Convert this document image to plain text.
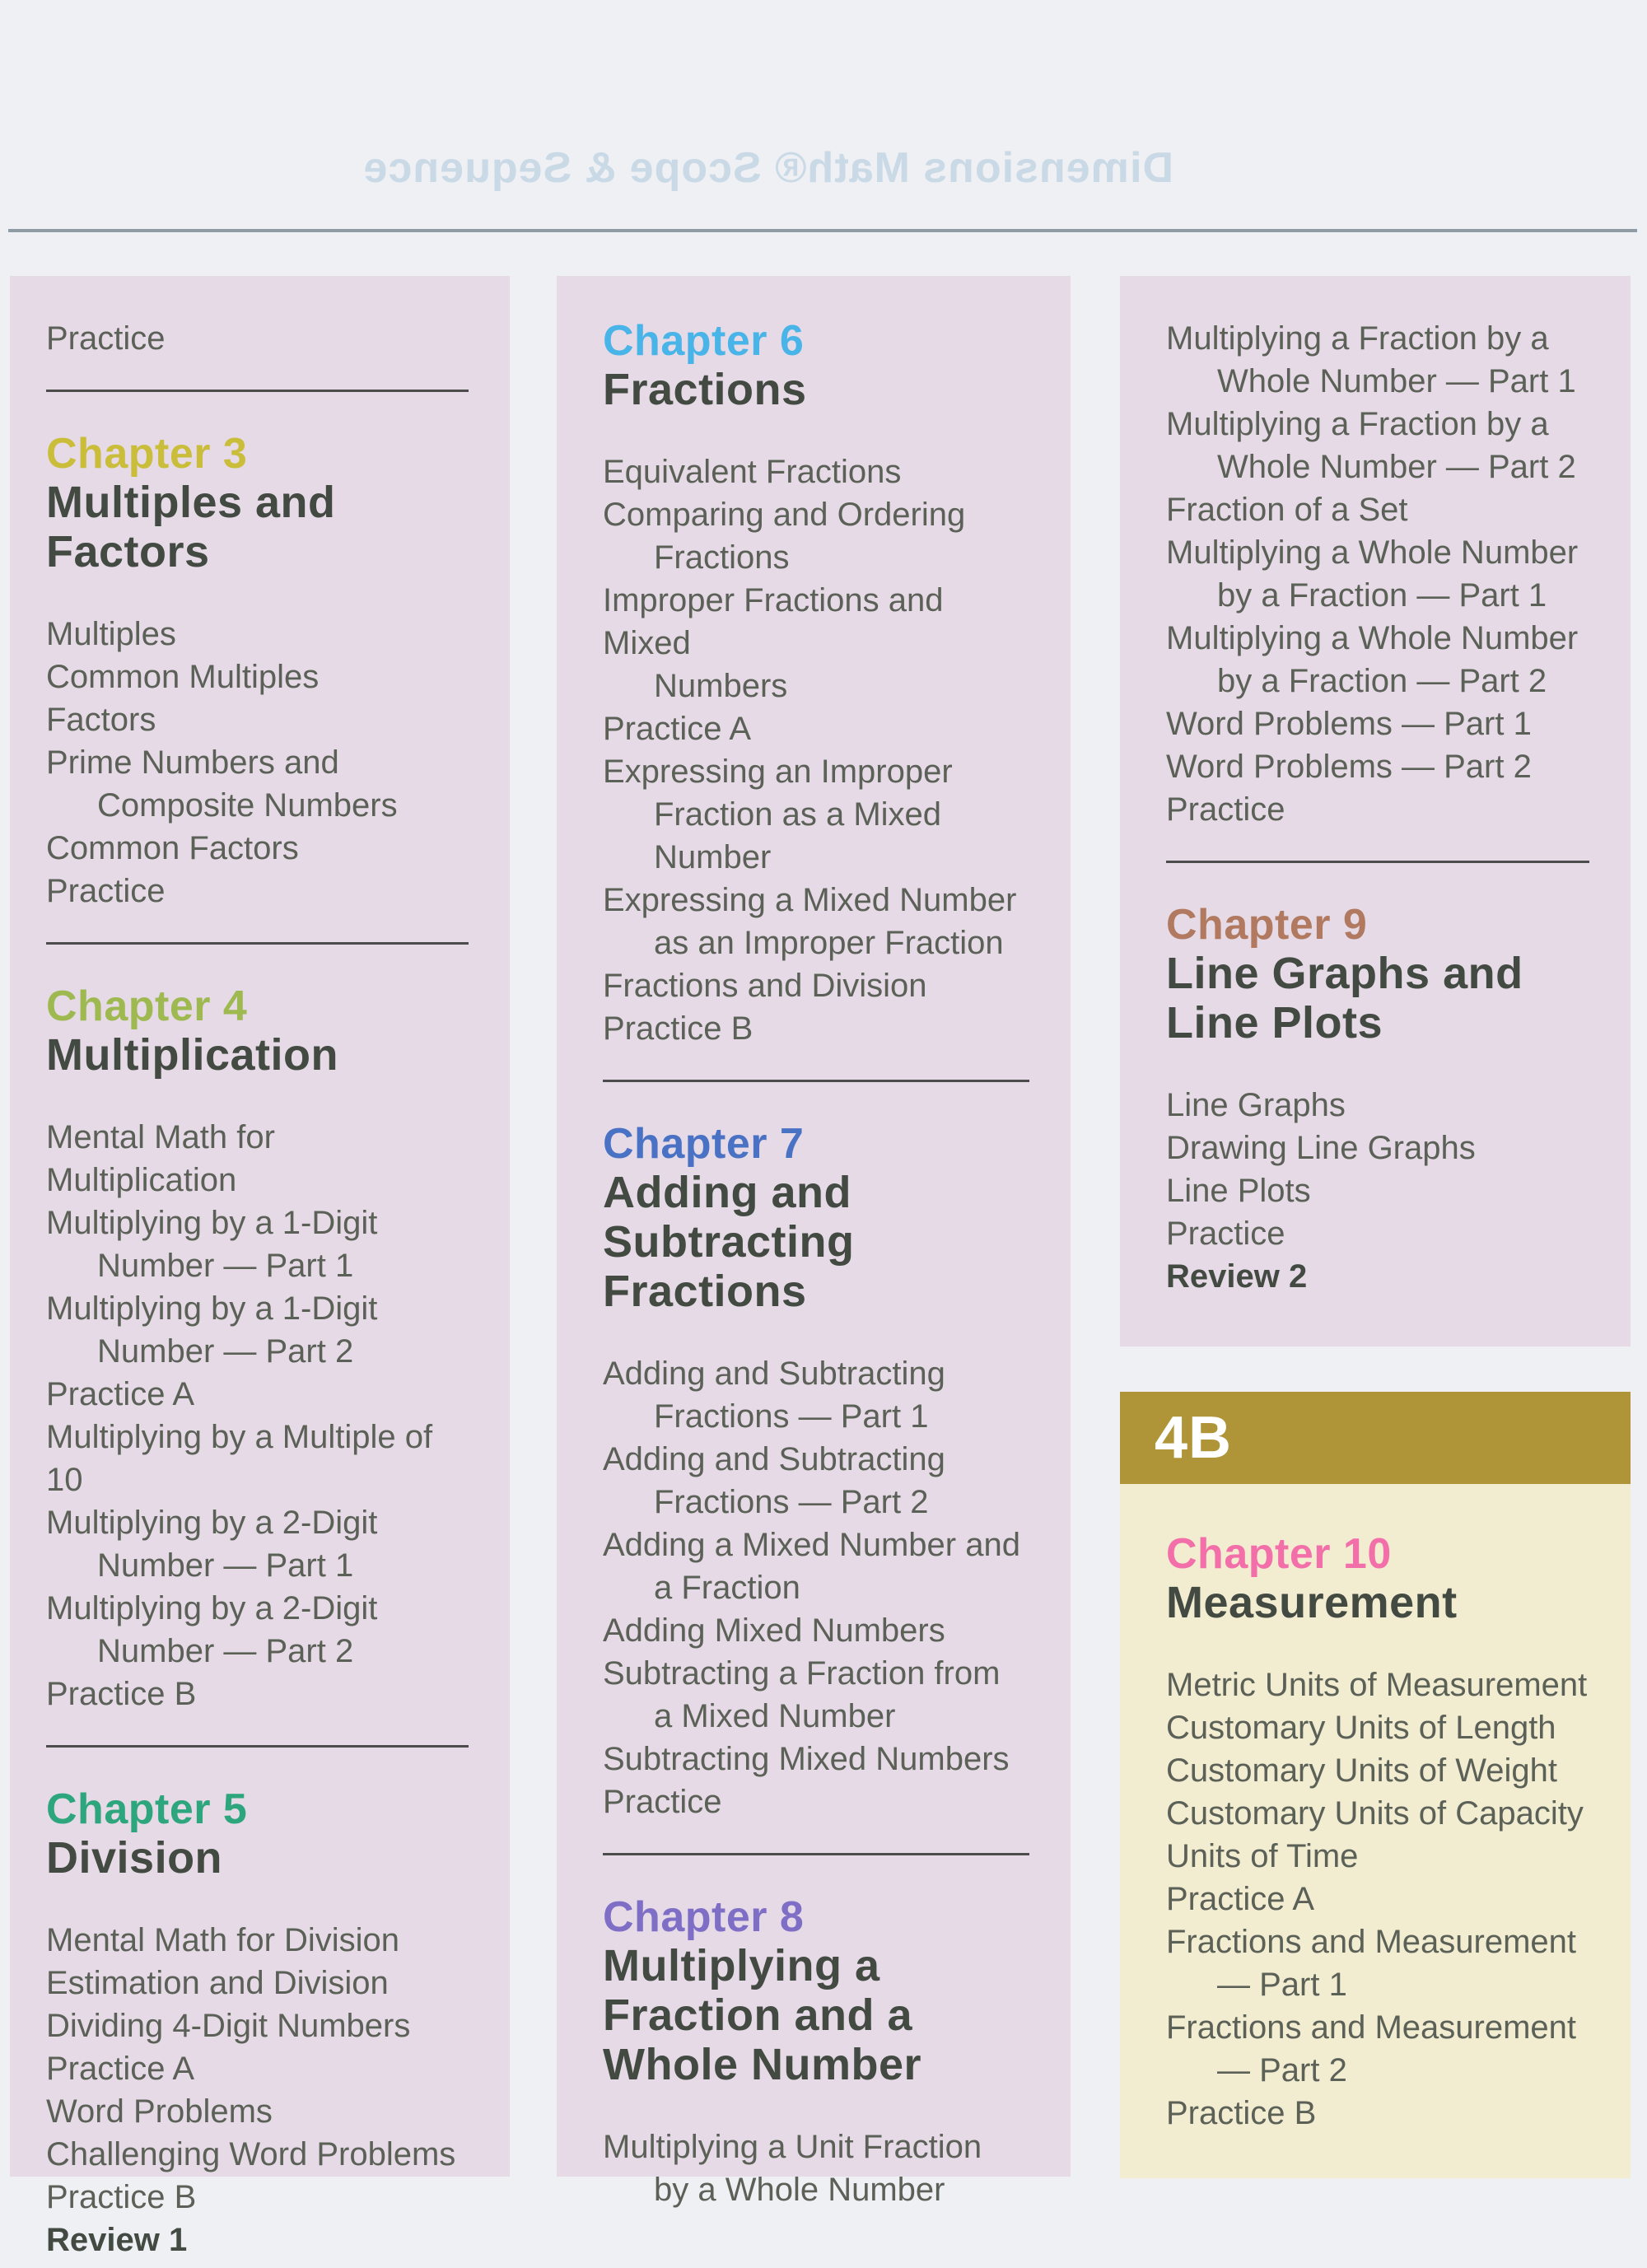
Dimensions Math® Scope & Sequence
Practice
Chapter 3
Multiples and
Factors
Multiples
Common Multiples
Factors
Prime Numbers and
Composite Numbers
Common Factors
Practice
Chapter 4
Multiplication
Mental Math for Multiplication
Multiplying by a 1-Digit
Number — Part 1
Multiplying by a 1-Digit
Number — Part 2
Practice A
Multiplying by a Multiple of 10
Multiplying by a 2-Digit
Number — Part 1
Multiplying by a 2-Digit
Number — Part 2
Practice B
Chapter 5
Division
Mental Math for Division
Estimation and Division
Dividing 4-Digit Numbers
Practice A
Word Problems
Challenging Word Problems
Practice B
Review 1
Chapter 6
Fractions
Equivalent Fractions
Comparing and Ordering
Fractions
Improper Fractions and Mixed
Numbers
Practice A
Expressing an Improper
Fraction as a Mixed
Number
Expressing a Mixed Number
as an Improper Fraction
Fractions and Division
Practice B
Chapter 7
Adding and
Subtracting
Fractions
Adding and Subtracting
Fractions — Part 1
Adding and Subtracting
Fractions — Part 2
Adding a Mixed Number and
a Fraction
Adding Mixed Numbers
Subtracting a Fraction from
a Mixed Number
Subtracting Mixed Numbers
Practice
Chapter 8
Multiplying a
Fraction and a
Whole Number
Multiplying a Unit Fraction
by a Whole Number
Multiplying a Fraction by a
Whole Number — Part 1
Multiplying a Fraction by a
Whole Number — Part 2
Fraction of a Set
Multiplying a Whole Number
by a Fraction — Part 1
Multiplying a Whole Number
by a Fraction — Part 2
Word Problems — Part 1
Word Problems — Part 2
Practice
Chapter 9
Line Graphs and
Line Plots
Line Graphs
Drawing Line Graphs
Line Plots
Practice
Review 2
4B
Chapter 10
Measurement
Metric Units of Measurement
Customary Units of Length
Customary Units of Weight
Customary Units of Capacity
Units of Time
Practice A
Fractions and Measurement
— Part 1
Fractions and Measurement
— Part 2
Practice B
